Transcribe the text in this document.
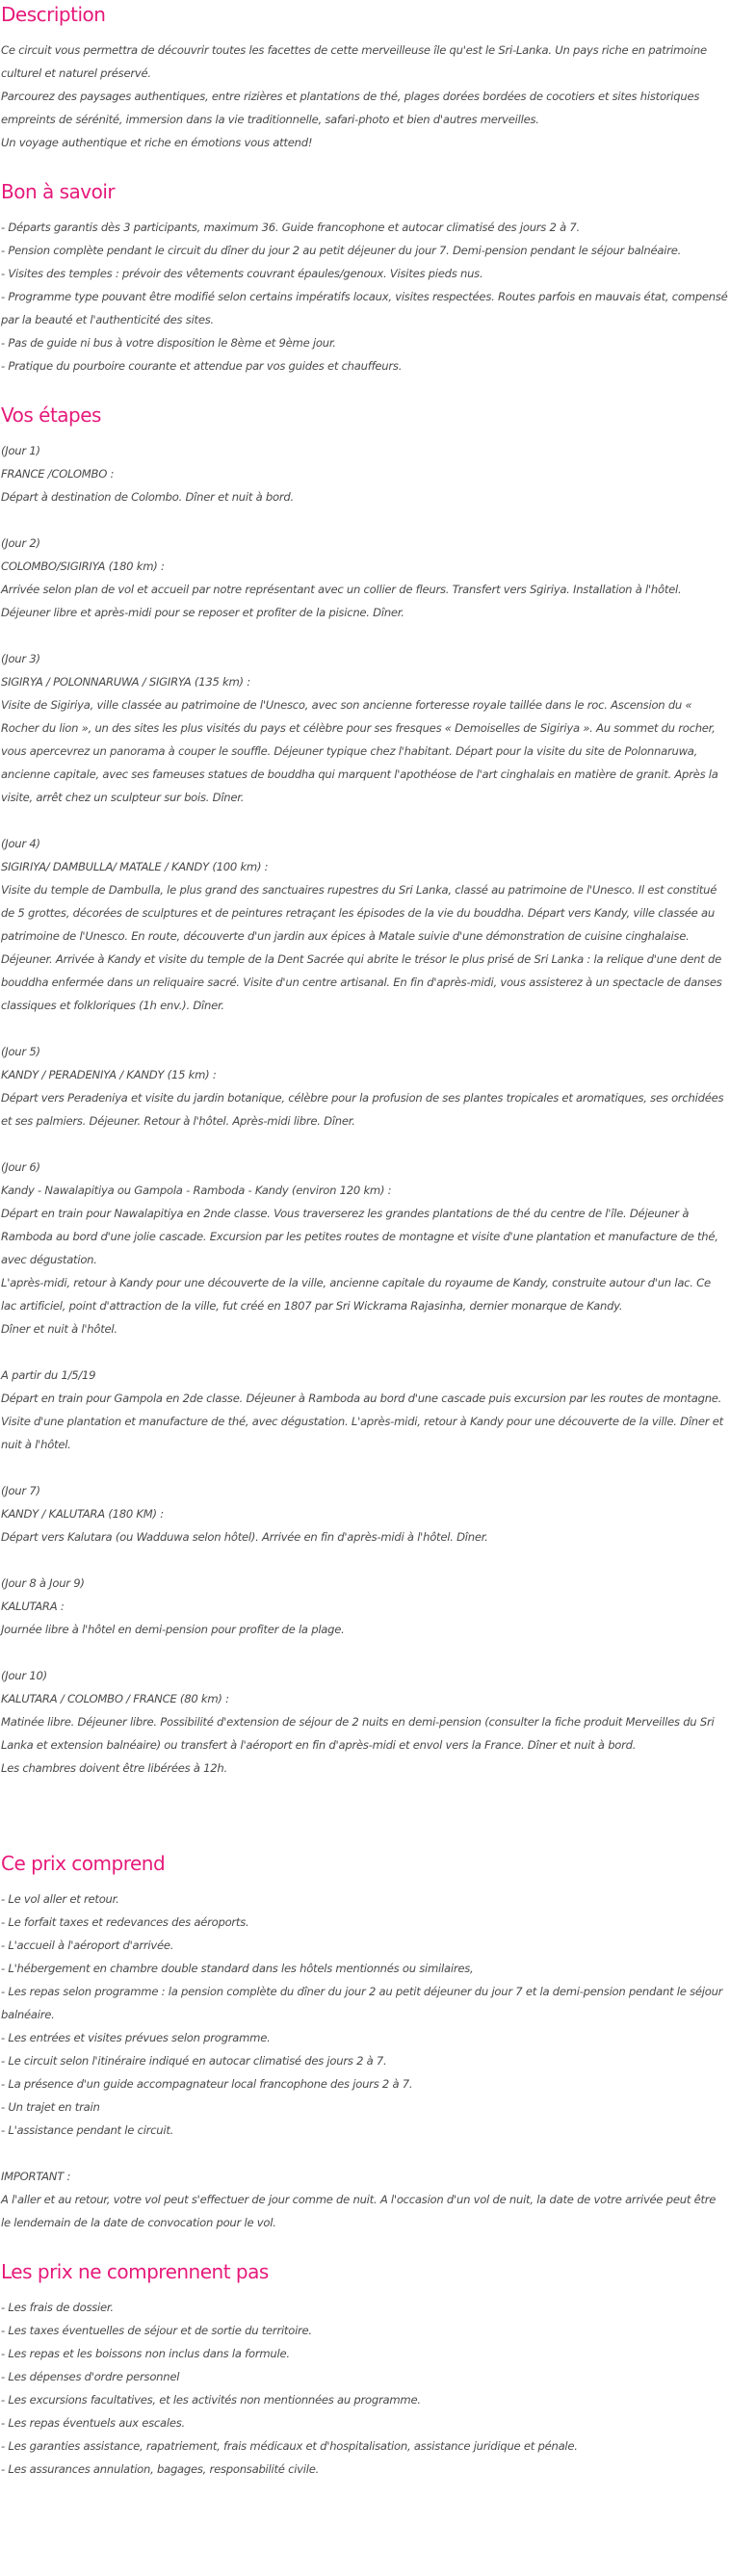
Description

Ce circuit vous permettra de découvrir toutes les facettes de cette merveilleuse île qu'est le Sri-Lanka. Un pays riche en patrimoine culturel et naturel préservé.

Parcourez des paysages authentiques, entre rizières et plantations de thé, plages dorées bordées de cocotiers et sites historiques empreints de sérénité, immersion dans la vie traditionnelle, safari-photo et bien d'autres merveilles.

Un voyage authentique et riche en émotions vous attend!

Bon à savoir

- Départs garantis dès 3 participants, maximum 36. Guide francophone et autocar climatisé des jours 2 à 7.

- Pension complète pendant le circuit du dîner du jour 2 au petit déjeuner du jour 7. Demi-pension pendant le séjour balnéaire.

- Visites des temples : prévoir des vêtements couvrant épaules/genoux. Visites pieds nus.

- Programme type pouvant être modifié selon certains impératifs locaux, visites respectées. Routes parfois en mauvais état, compensé par la beauté et l'authenticité des sites.

- Pas de guide ni bus à votre disposition le 8ème et 9ème jour.

- Pratique du pourboire courante et attendue par vos guides et chauffeurs.

Vos étapes

(Jour 1)

FRANCE /COLOMBO :

Départ à destination de Colombo. Dîner et nuit à bord.

(Jour 2)

COLOMBO/SIGIRIYA (180 km) :

Arrivée selon plan de vol et accueil par notre représentant avec un collier de fleurs. Transfert vers Sgiriya. Installation à l'hôtel. Déjeuner libre et après-midi pour se reposer et profiter de la pisicne. Dîner.

(Jour 3)

SIGIRYA / POLONNARUWA / SIGIRYA (135 km) :

Visite de Sigiriya, ville classée au patrimoine de l'Unesco, avec son ancienne forteresse royale taillée dans le roc. Ascension du « Rocher du lion », un des sites les plus visités du pays et célèbre pour ses fresques « Demoiselles de Sigiriya ». Au sommet du rocher, vous apercevrez un panorama à couper le souffle. Déjeuner typique chez l'habitant. Départ pour la visite du site de Polonnaruwa, ancienne capitale, avec ses fameuses statues de bouddha qui marquent l'apothéose de l'art cinghalais en matière de granit. Après la visite, arrêt chez un sculpteur sur bois. Dîner.

(Jour 4)

SIGIRIYA/ DAMBULLA/ MATALE / KANDY (100 km) :

Visite du temple de Dambulla, le plus grand des sanctuaires rupestres du Sri Lanka, classé au patrimoine de l'Unesco. Il est constitué de 5 grottes, décorées de sculptures et de peintures retraçant les épisodes de la vie du bouddha. Départ vers Kandy, ville classée au patrimoine de l'Unesco. En route, découverte d'un jardin aux épices à Matale suivie d'une démonstration de cuisine cinghalaise. Déjeuner. Arrivée à Kandy et visite du temple de la Dent Sacrée qui abrite le trésor le plus prisé de Sri Lanka : la relique d'une dent de bouddha enfermée dans un reliquaire sacré. Visite d'un centre artisanal. En fin d'après-midi, vous assisterez à un spectacle de danses classiques et folkloriques (1h env.). Dîner.

(Jour 5)

KANDY / PERADENIYA / KANDY (15 km) :

Départ vers Peradeniya et visite du jardin botanique, célèbre pour la profusion de ses plantes tropicales et aromatiques, ses orchidées et ses palmiers. Déjeuner. Retour à l'hôtel. Après-midi libre. Dîner.

(Jour 6)

Kandy - Nawalapitiya ou Gampola - Ramboda - Kandy (environ 120 km) :

Départ en train pour Nawalapitiya en 2nde classe. Vous traverserez les grandes plantations de thé du centre de l'île. Déjeuner à Ramboda au bord d'une jolie cascade. Excursion par les petites routes de montagne et visite d'une plantation et manufacture de thé, avec dégustation.

L'après-midi, retour à Kandy pour une découverte de la ville, ancienne capitale du royaume de Kandy, construite autour d'un lac. Ce lac artificiel, point d'attraction de la ville, fut créé en 1807 par Sri Wickrama Rajasinha, dernier monarque de Kandy.

Dîner et nuit à l'hôtel.

A partir du 1/5/19

Départ en train pour Gampola en 2de classe. Déjeuner à Ramboda au bord d'une cascade puis excursion par les routes de montagne. Visite d'une plantation et manufacture de thé, avec dégustation. L'après-midi, retour à Kandy pour une découverte de la ville. Dîner et nuit à l'hôtel.

(Jour 7)

KANDY / KALUTARA (180 KM) :

Départ vers Kalutara (ou Wadduwa selon hôtel). Arrivée en fin d'après-midi à l'hôtel. Dîner.

(Jour 8 à Jour 9)

KALUTARA :

Journée libre à l'hôtel en demi-pension pour profiter de la plage.

(Jour 10)

KALUTARA / COLOMBO / FRANCE (80 km) :

Matinée libre. Déjeuner libre. Possibilité d'extension de séjour de 2 nuits en demi-pension (consulter la fiche produit Merveilles du Sri Lanka et extension balnéaire) ou transfert à l'aéroport en fin d'après-midi et envol vers la France. Dîner et nuit à bord.

Les chambres doivent être libérées à 12h.

Ce prix comprend

- Le vol aller et retour.

- Le forfait taxes et redevances des aéroports.

- L'accueil à l'aéroport d'arrivée.

- L'hébergement en chambre double standard dans les hôtels mentionnés ou similaires,

- Les repas selon programme : la pension complète du dîner du jour 2 au petit déjeuner du jour 7 et la demi-pension pendant le séjour balnéaire.

- Les entrées et visites prévues selon programme.

- Le circuit selon l'itinéraire indiqué en autocar climatisé des jours 2 à 7.

- La présence d'un guide accompagnateur local francophone des jours 2 à 7.

- Un trajet en train

- L'assistance pendant le circuit.

IMPORTANT :

A l'aller et au retour, votre vol peut s'effectuer de jour comme de nuit. A l'occasion d'un vol de nuit, la date de votre arrivée peut être le lendemain de la date de convocation pour le vol.

Les prix ne comprennent pas

- Les frais de dossier.

- Les taxes éventuelles de séjour et de sortie du territoire.

- Les repas et les boissons non inclus dans la formule.

- Les dépenses d'ordre personnel

- Les excursions facultatives, et les activités non mentionnées au programme.

- Les repas éventuels aux escales.

- Les garanties assistance, rapatriement, frais médicaux et d'hospitalisation, assistance juridique et pénale.

- Les assurances annulation, bagages, responsabilité civile.
